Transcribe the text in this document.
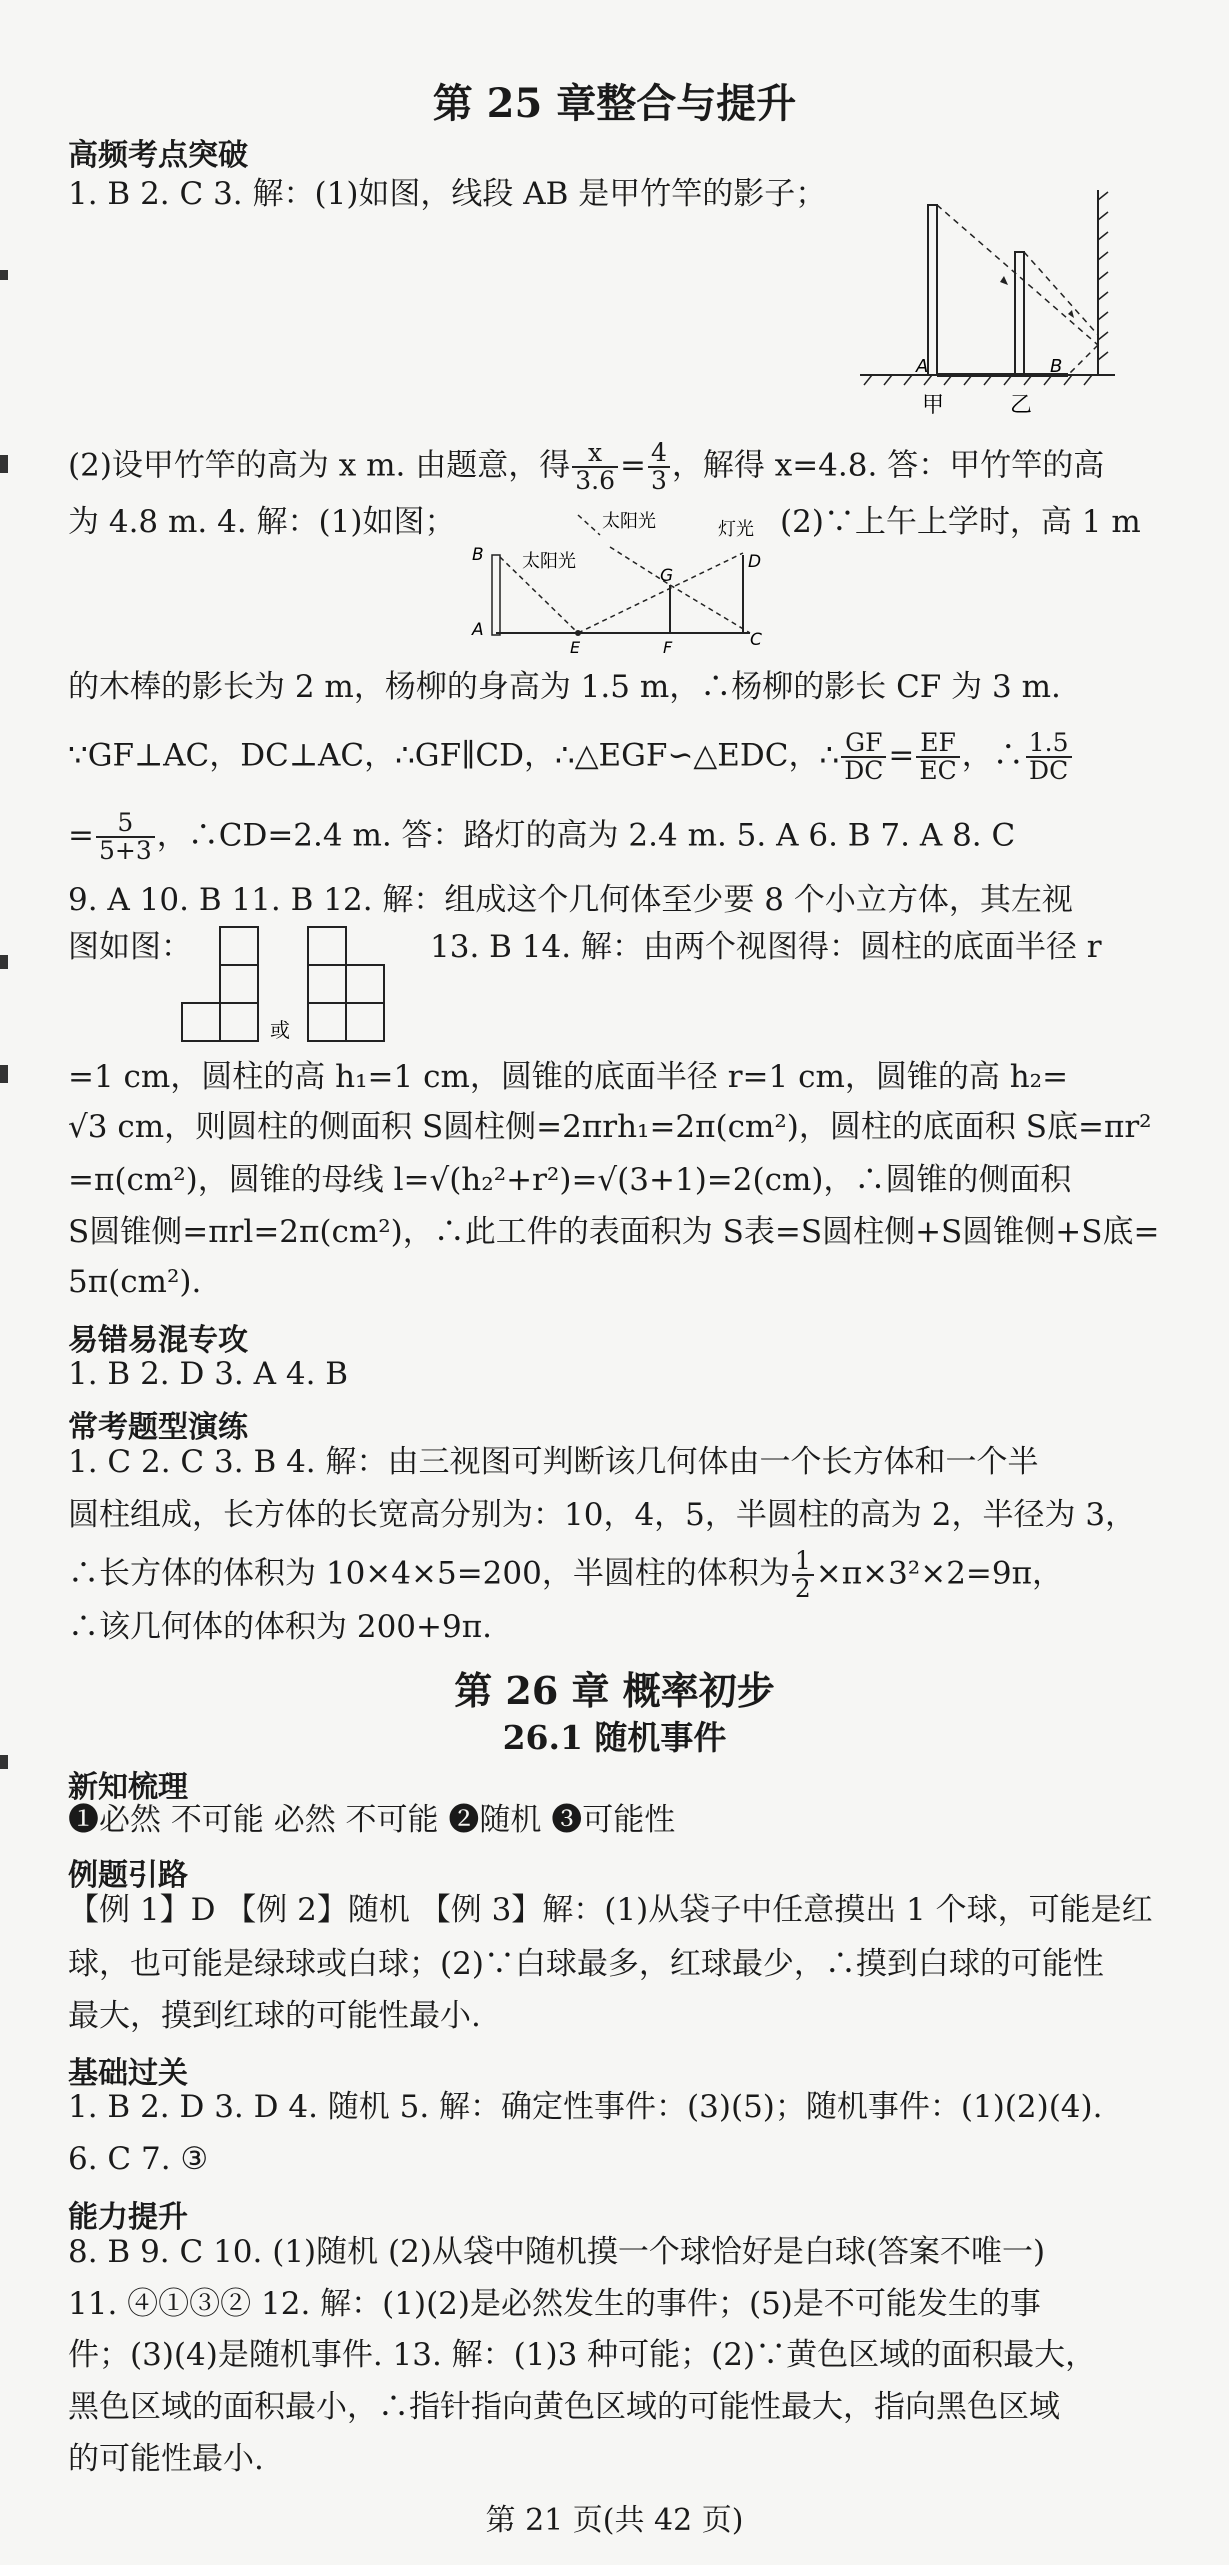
第 25 章整合与提升
高频考点突破
1. B 2. C 3. 解：(1)如图，线段 AB 是甲竹竿的影子；
A	B
甲	乙
(2)设甲竹竿的高为 x m. 由题意，得 $\frac{x}{3.6} = \frac{4}{3}$ ，解得 x=4.8. 答：甲竹竿的高
为 4.8 m. 4. 解：(1)如图；	(2)∵上午上学时，高 1 m
太阳光
太阳光
灯光
B	D
A
E	F	C
G
的木棒的影长为 2 m，杨柳的身高为 1.5 m，∴杨柳的影长 CF 为 3 m.
∵GF⊥AC，DC⊥AC，∴GF∥CD，∴△EGF∽△EDC，∴ $\frac{GF}{DC} = \frac{EF}{EC}$ ，∴ $\frac{1.5}{DC}$
= $\frac{5}{5+3}$ ，∴CD=2.4 m. 答：路灯的高为 2.4 m. 5. A 6. B 7. A 8. C
9. A 10. B 11. B 12. 解：组成这个几何体至少要 8 个小立方体，其左视
图如图：
或
13. B 14. 解：由两个视图得：圆柱的底面半径 r
=1 cm，圆柱的高 h₁=1 cm，圆锥的底面半径 r=1 cm，圆锥的高 h₂=
√3 cm，则圆柱的侧面积 S圆柱侧=2πrh₁=2π(cm²)，圆柱的底面积 S底=πr²
=π(cm²)，圆锥的母线 l=√(h₂²+r²)=√(3+1)=2(cm)，∴圆锥的侧面积
S圆锥侧=πrl=2π(cm²)，∴此工件的表面积为 S表=S圆柱侧+S圆锥侧+S底=
5π(cm²).
易错易混专攻
1. B 2. D 3. A 4. B
常考题型演练
1. C 2. C 3. B 4. 解：由三视图可判断该几何体由一个长方体和一个半
圆柱组成，长方体的长宽高分别为：10，4，5，半圆柱的高为 2，半径为 3，
∴长方体的体积为 10×4×5=200，半圆柱的体积为 $\frac{1}{2} \times\pi\times 3^2\times 2=9\pi$，
∴该几何体的体积为 200+9π.
第 26 章 概率初步
26.1 随机事件
新知梳理
❶必然 不可能 必然 不可能 ❷随机 ❸可能性
例题引路
【例 1】D 【例 2】随机 【例 3】解：(1)从袋子中任意摸出 1 个球，可能是红
球，也可能是绿球或白球；(2)∵白球最多，红球最少，∴摸到白球的可能性
最大，摸到红球的可能性最小.
基础过关
1. B 2. D 3. D 4. 随机 5. 解：确定性事件：(3)(5)；随机事件：(1)(2)(4).
6. C 7. ③
能力提升
8. B 9. C 10. (1)随机 (2)从袋中随机摸一个球恰好是白球(答案不唯一)
11. ④①③② 12. 解：(1)(2)是必然发生的事件；(5)是不可能发生的事
件；(3)(4)是随机事件. 13. 解：(1)3 种可能；(2)∵黄色区域的面积最大，
黑色区域的面积最小，∴指针指向黄色区域的可能性最大，指向黑色区域
的可能性最小.
第 21 页(共 42 页)
